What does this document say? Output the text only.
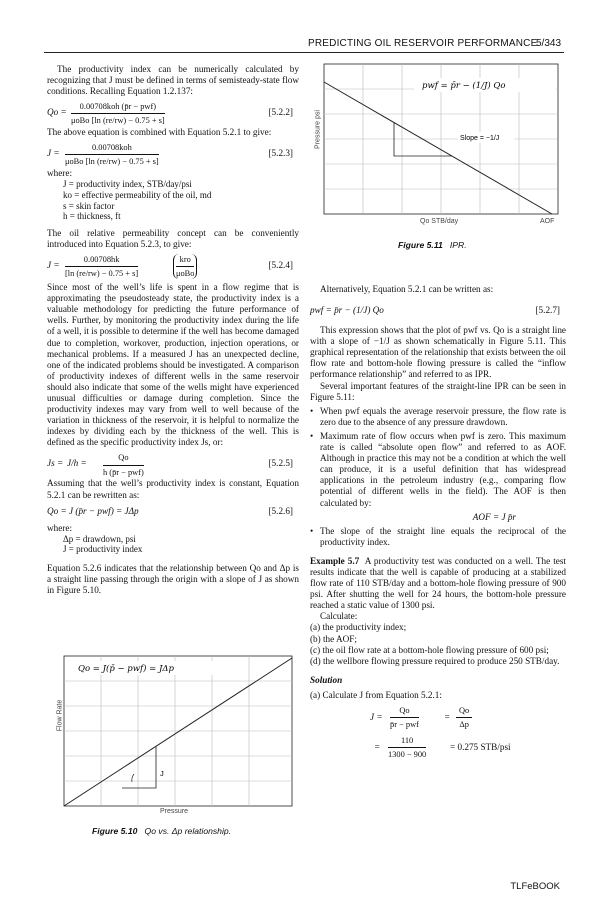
PREDICTING OIL RESERVOIR PERFORMANCE
5/343

The productivity index can be numerically calculated by recognizing that J must be defined in terms of semisteady-state flow conditions. Recalling Equation 1.2.137:

Qo =
0.00708koh (p̄r − pwf)
μoBo [ln (re/rw) − 0.75 + s]
[5.2.2]

The above equation is combined with Equation 5.2.1 to give:

J =
0.00708koh
μoBo [ln (re/rw) − 0.75 + s]
[5.2.3]

where:

J = productivity index, STB/day/psi
ko = effective permeability of the oil, md
s = skin factor
h = thickness, ft

The oil relative permeability concept can be conveniently introduced into Equation 5.2.3, to give:

$J = \frac{0.00708hk}{[\ln (re/rw) - 0.75 + s]}$	kro
μoBo
[5.2.4]

Since most of the well’s life is spent in a flow regime that is approximating the pseudosteady state, the productivity index is a valuable methodology for predicting the future performance of wells. Further, by monitoring the productivity index during the life of a well, it is possible to determine if the well has become damaged due to completion, workover, production, injection operations, or mechanical problems. If a measured J has an unexpected decline, one of the indicated problems should be investigated. A comparison of productivity indexes of different wells in the same reservoir should also indicate that some of the wells might have experienced unusual difficulties or damage during completion. Since the productivity indexes may vary from well to well because of the variation in thickness of the reservoir, it is helpful to normalize the indexes by dividing each by the thickness of the well. This is defined as the specific productivity index Js, or:

Js = J/h =
Qo
h (p̄r − pwf)
[5.2.5]

Assuming that the well’s productivity index is constant, Equation 5.2.1 can be rewritten as:

Qo = J (p̄r − pwf) = JΔp	[5.2.6]

where:

Δp = drawdown, psi
J = productivity index

Equation 5.2.6 indicates that the relationship between Qo and Δp is a straight line passing through the origin with a slope of J as shown in Figure 5.10.

Qo = J(p̄ − pwf) = JΔp
J
Flow Rate
Pressure
Figure 5.10 Qo vs. Δp relationship.
pwf = p̄r − (1/J) Qo
Slope = −1/J
Pressure psi
Qo STB/day	AOF
Figure 5.11 IPR.

Alternatively, Equation 5.2.1 can be written as:

pwf = p̄r − (1/J) Qo	[5.2.7]

This expression shows that the plot of pwf vs. Qo is a straight line with a slope of −1/J as shown schematically in Figure 5.11. This graphical representation of the relationship that exists between the oil flow rate and bottom-hole flowing pressure is called the “inflow performance relationship” and referred to as IPR.

Several important features of the straight-line IPR can be seen in Figure 5.11:

• When pwf equals the average reservoir pressure, the flow rate is zero due to the absence of any pressure drawdown.
• Maximum rate of flow occurs when pwf is zero. This maximum rate is called “absolute open flow” and referred to as AOF. Although in practice this may not be a condition at which the well can produce, it is a useful definition that has widespread applications in the petroleum industry (e.g., comparing flow potential of different wells in the field). The AOF is then calculated by:
AOF = J p̄r
• The slope of the straight line equals the reciprocal of the productivity index.

Example 5.7 A productivity test was conducted on a well. The test results indicate that the well is capable of producing at a stabilized flow rate of 110 STB/day and a bottom-hole flowing pressure of 900 psi. After shutting the well for 24 hours, the bottom-hole pressure reached a static value of 1300 psi.

Calculate:

(a) the productivity index;
(b) the AOF;
(c) the oil flow rate at a bottom-hole flowing pressure of 600 psi;
(d) the wellbore flowing pressure required to produce 250 STB/day.

Solution

(a) Calculate J from Equation 5.2.1:

J =
Qo
p̄r − pwf
= $\frac{Qo}{\Delta p}$
= $\frac{110}{1300 - 900}$	= 0.275 STB/psi
TLFeBOOK
